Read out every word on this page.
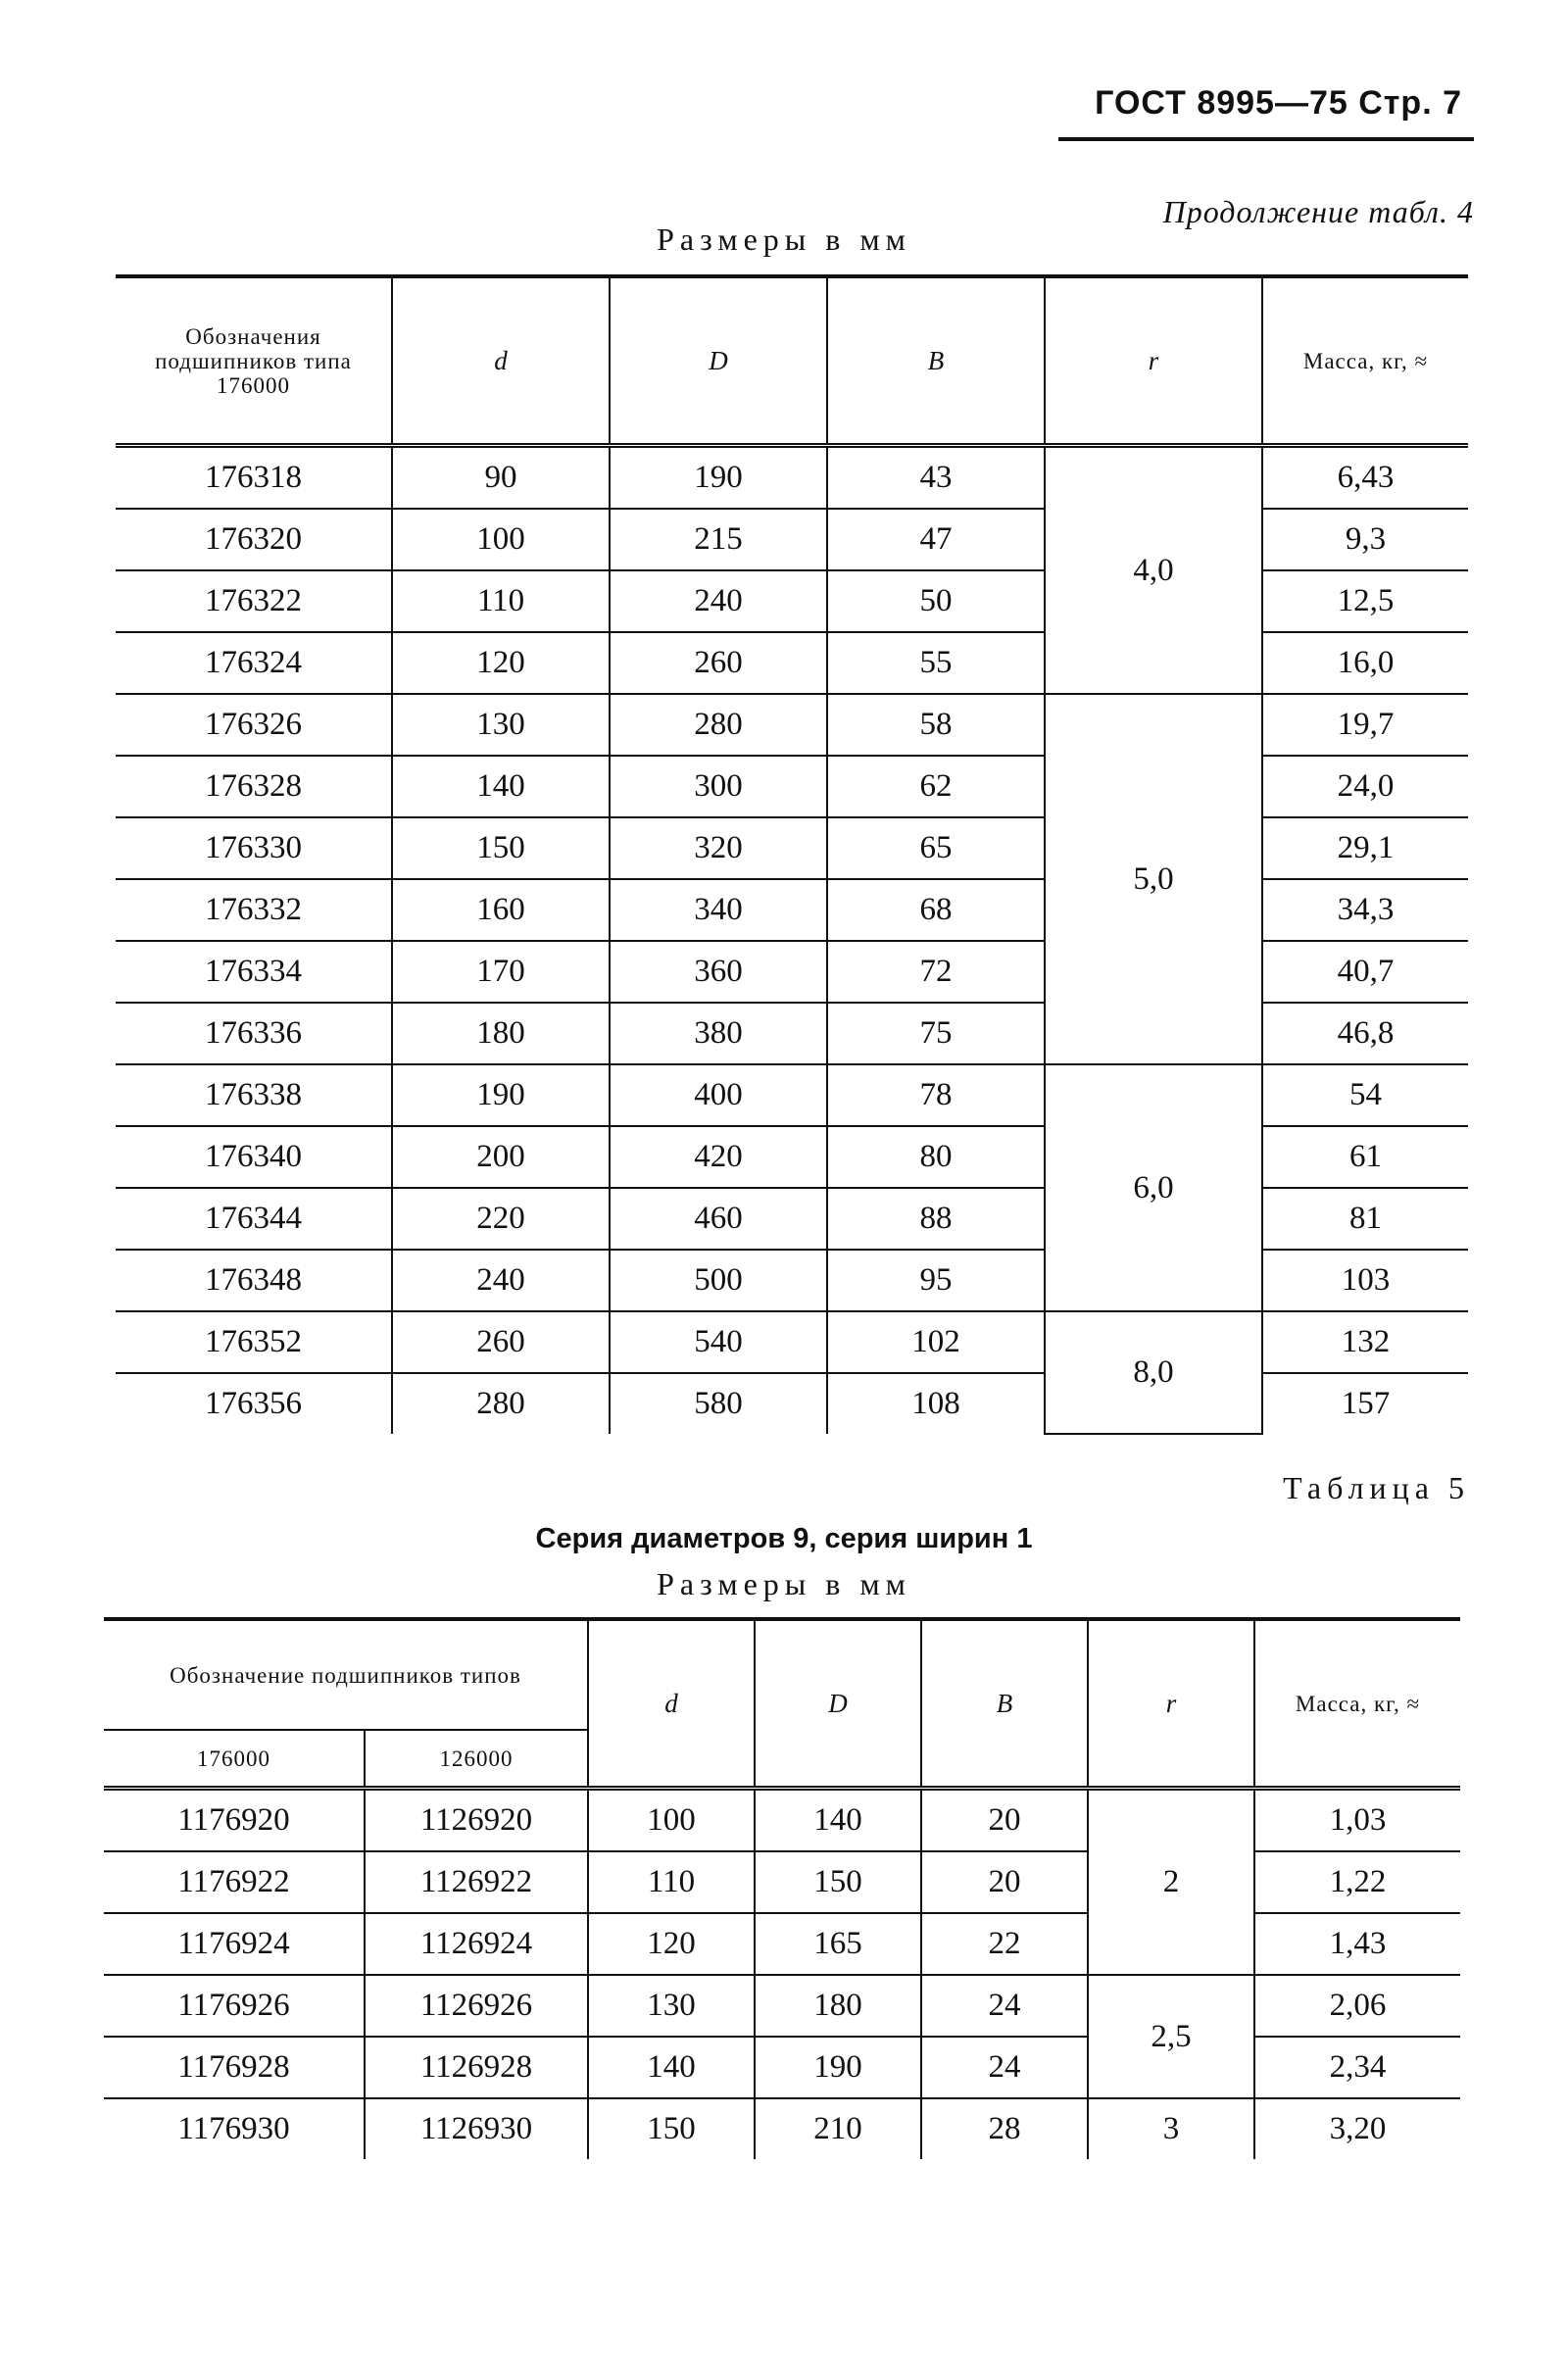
ГОСТ 8995—75 Стр. 7
Продолжение табл. 4
Размеры в мм
Обозначения подшипников типа 176000	d	D	B	r	Масса, кг, ≈
176318	90	190	43	4,0	6,43
176320	100	215	47		9,3
176322	110	240	50		12,5
176324	120	260	55		16,0
176326	130	280	58	5,0	19,7
176328	140	300	62		24,0
176330	150	320	65		29,1
176332	160	340	68		34,3
176334	170	360	72		40,7
176336	180	380	75		46,8
176338	190	400	78	6,0	54
176340	200	420	80		61
176344	220	460	88		81
176348	240	500	95		103
176352	260	540	102	8,0	132
176356	280	580	108		157
Таблица 5
Серия диаметров 9, серия ширин 1
Размеры в мм
Обозначение подшипников типов		d	D	B	r	Масса, кг, ≈
176000	126000					
1176920	1126920	100	140	20	2	1,03
1176922	1126922	110	150	20		1,22
1176924	1126924	120	165	22		1,43
1176926	1126926	130	180	24	2,5	2,06
1176928	1126928	140	190	24		2,34
1176930	1126930	150	210	28	3	3,20
